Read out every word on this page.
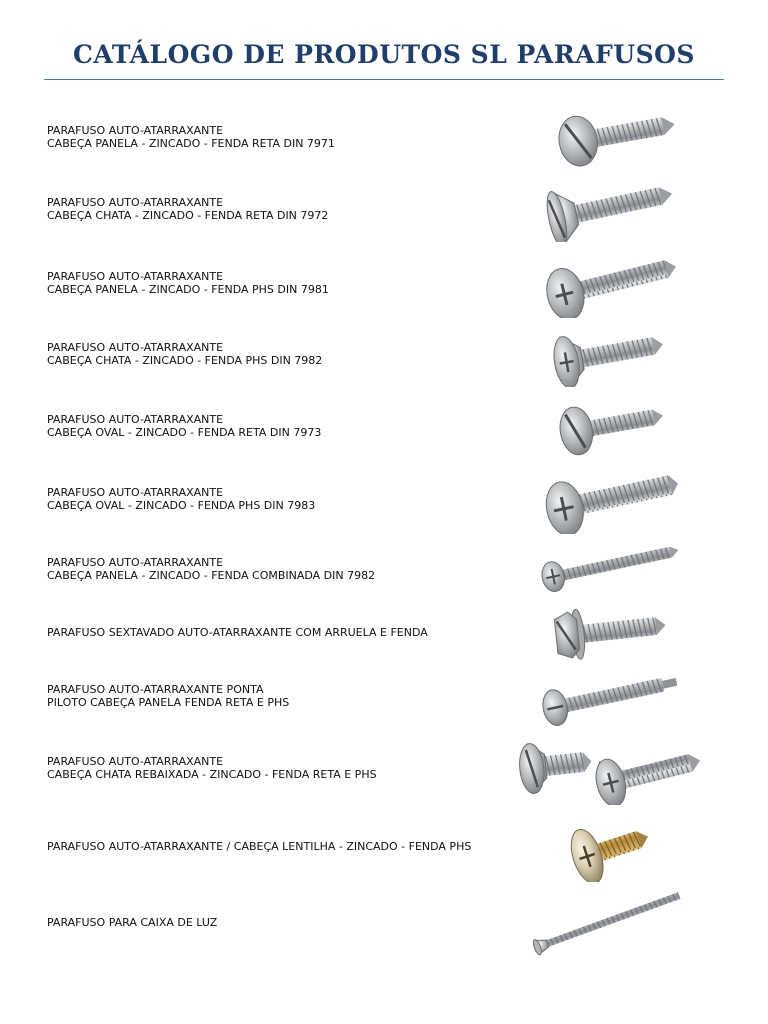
CATÁLOGO DE PRODUTOS SL PARAFUSOS
PARAFUSO AUTO-ATARRAXANTE
CABEÇA PANELA - ZINCADO - FENDA RETA DIN 7971
PARAFUSO AUTO-ATARRAXANTE
CABEÇA CHATA - ZINCADO - FENDA RETA DIN 7972
PARAFUSO AUTO-ATARRAXANTE
CABEÇA PANELA - ZINCADO - FENDA PHS DIN 7981
PARAFUSO AUTO-ATARRAXANTE
CABEÇA CHATA - ZINCADO - FENDA PHS DIN 7982
PARAFUSO AUTO-ATARRAXANTE
CABEÇA OVAL - ZINCADO - FENDA RETA DIN 7973
PARAFUSO AUTO-ATARRAXANTE
CABEÇA OVAL - ZINCADO - FENDA PHS DIN 7983
PARAFUSO AUTO-ATARRAXANTE
CABEÇA PANELA - ZINCADO - FENDA COMBINADA DIN 7982
PARAFUSO SEXTAVADO AUTO-ATARRAXANTE COM ARRUELA E FENDA
PARAFUSO AUTO-ATARRAXANTE PONTA
PILOTO CABEÇA PANELA FENDA RETA E PHS
PARAFUSO AUTO-ATARRAXANTE
CABEÇA CHATA REBAIXADA - ZINCADO - FENDA RETA E PHS
PARAFUSO AUTO-ATARRAXANTE / CABEÇA LENTILHA - ZINCADO - FENDA PHS
PARAFUSO PARA CAIXA DE LUZ
